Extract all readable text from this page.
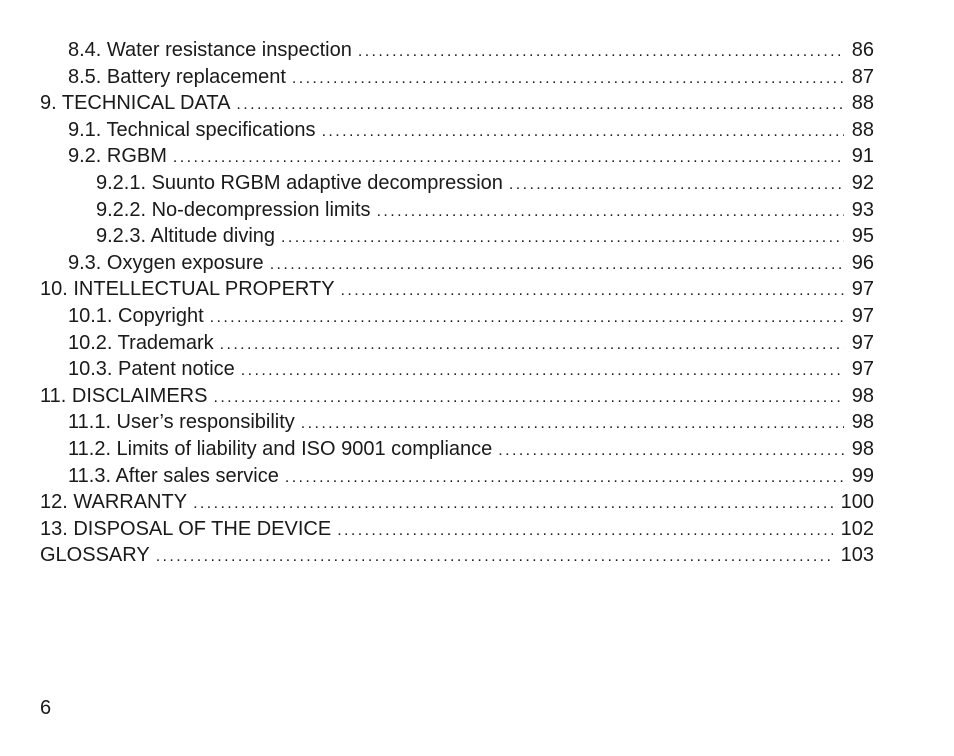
8.4. Water resistance inspection .....	86
8.5. Battery replacement .....	87
9. TECHNICAL DATA .....	88
9.1. Technical specifications .....	88
9.2. RGBM .....	91
9.2.1. Suunto RGBM adaptive decompression .....	92
9.2.2. No-decompression limits .....	93
9.2.3. Altitude diving .....	95
9.3. Oxygen exposure .....	96
10. INTELLECTUAL PROPERTY .....	97
10.1. Copyright .....	97
10.2. Trademark .....	97
10.3. Patent notice .....	97
11. DISCLAIMERS .....	98
11.1. User’s responsibility .....	98
11.2. Limits of liability and ISO 9001 compliance .....	98
11.3. After sales service .....	99
12. WARRANTY .....	100
13. DISPOSAL OF THE DEVICE .....	102
GLOSSARY .....	103
6
